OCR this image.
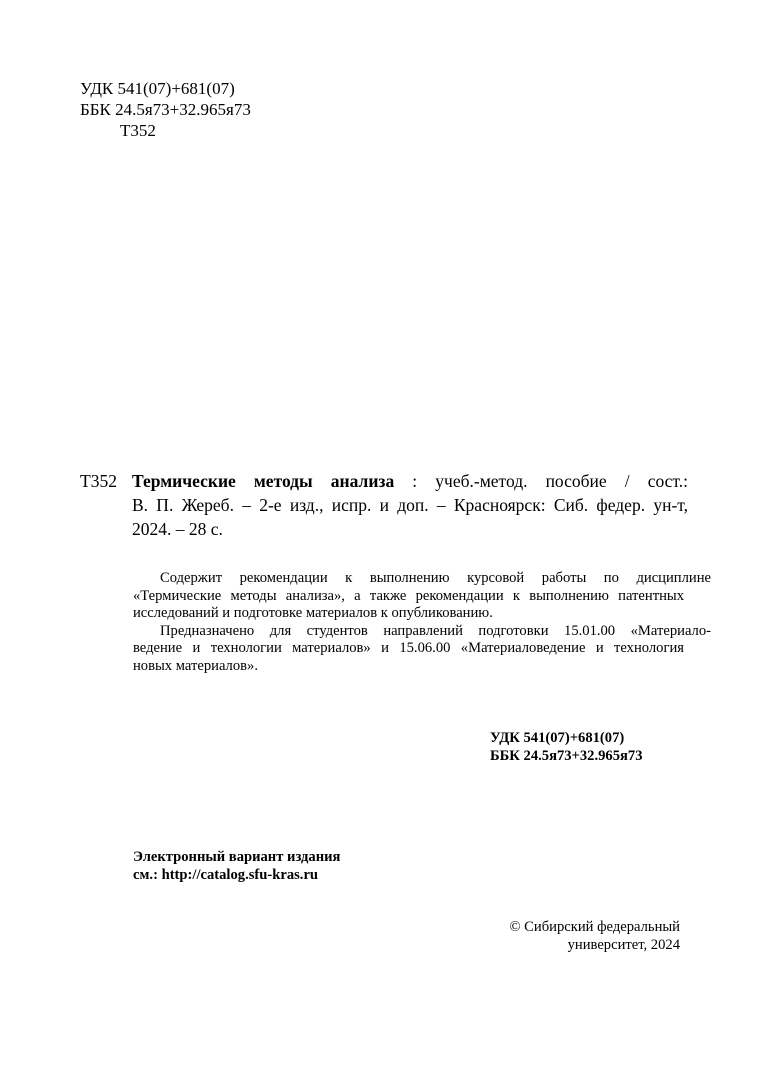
УДК 541(07)+681(07)
ББК 24.5я73+32.965я73
Т352
Т352 Термические методы анализа : учеб.-метод. пособие / сост.:
В. П. Жереб. – 2-е изд., испр. и доп. – Красноярск: Сиб. федер. ун-т,
2024. – 28 с.
Содержит рекомендации к выполнению курсовой работы по дисциплине
«Термические методы анализа», а также рекомендации к выполнению патентных
исследований и подготовке материалов к опубликованию.
Предназначено для студентов направлений подготовки 15.01.00 «Материало-
ведение и технологии материалов» и 15.06.00 «Материаловедение и технология
новых материалов».
УДК 541(07)+681(07)
ББК 24.5я73+32.965я73
Электронный вариант издания
см.: http://catalog.sfu-kras.ru
© Сибирский федеральный
университет, 2024
